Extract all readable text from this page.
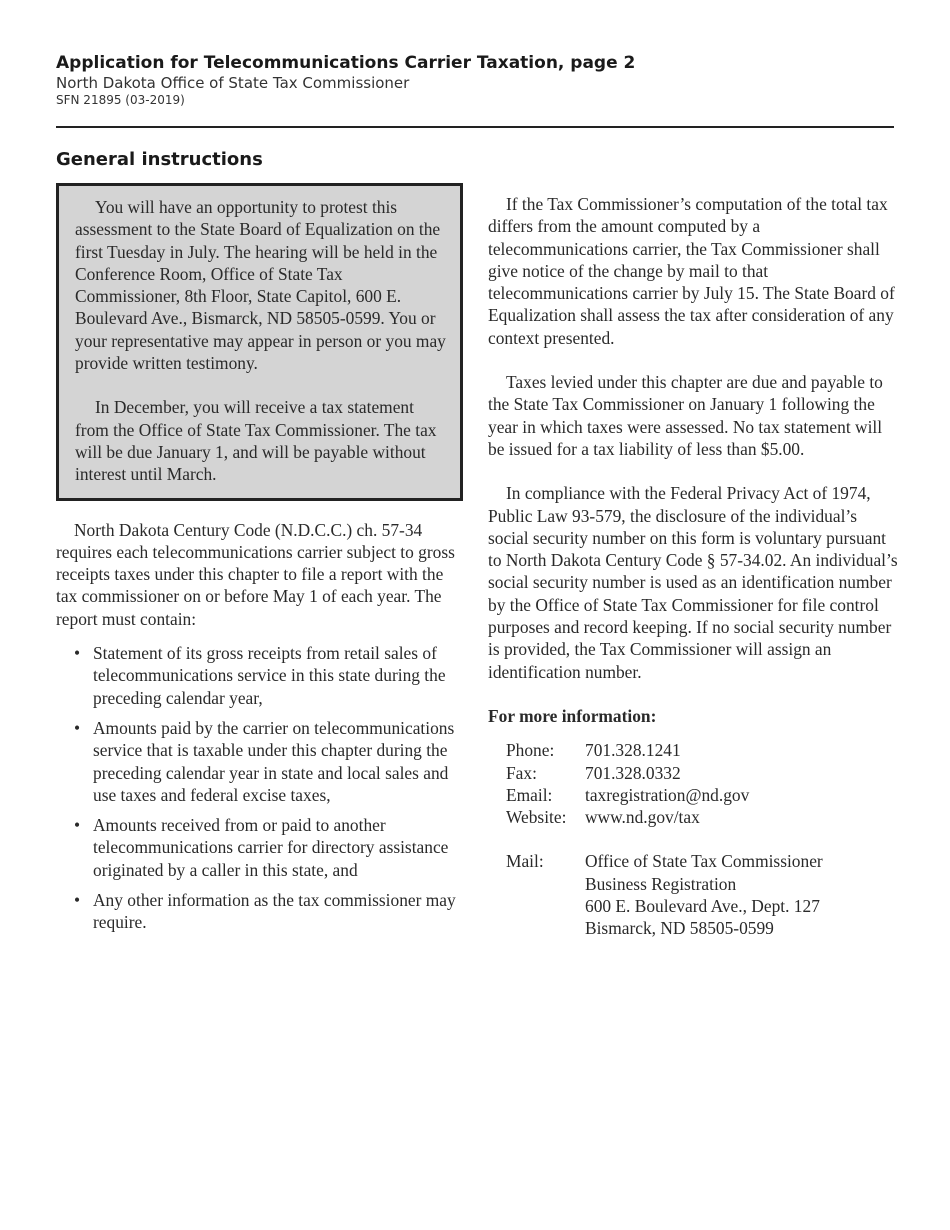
Application for Telecommunications Carrier Taxation, page 2
North Dakota Office of State Tax Commissioner
SFN 21895 (03-2019)
General instructions

You will have an opportunity to protest this assessment to the State Board of Equalization on the first Tuesday in July. The hearing will be held in the Conference Room, Office of State Tax Commissioner, 8th Floor, State Capitol, 600 E. Boulevard Ave., Bismarck, ND 58505-0599. You or your representative may appear in person or you may provide written testimony.

In December, you will receive a tax statement from the Office of State Tax Commissioner. The tax will be due January 1, and will be payable without interest until March.

North Dakota Century Code (N.D.C.C.) ch. 57-34 requires each telecommunications carrier subject to gross receipts taxes under this chapter to file a report with the tax commissioner on or before May 1 of each year. The report must contain:

• Statement of its gross receipts from retail sales of telecommunications service in this state during the preceding calendar year,
• Amounts paid by the carrier on telecommunications service that is taxable under this chapter during the preceding calendar year in state and local sales and use taxes and federal excise taxes,
• Amounts received from or paid to another telecommunications carrier for directory assistance originated by a caller in this state, and
• Any other information as the tax commissioner may require.

If the Tax Commissioner’s computation of the total tax differs from the amount computed by a telecommunications carrier, the Tax Commissioner shall give notice of the change by mail to that telecommunications carrier by July 15. The State Board of Equalization shall assess the tax after consideration of any context presented.

Taxes levied under this chapter are due and payable to the State Tax Commissioner on January 1 following the year in which taxes were assessed. No tax statement will be issued for a tax liability of less than $5.00.

In compliance with the Federal Privacy Act of 1974, Public Law 93-579, the disclosure of the individual’s social security number on this form is voluntary pursuant to North Dakota Century Code § 57-34.02. An individual’s social security number is used as an identification number by the Office of State Tax Commissioner for file control purposes and record keeping. If no social security number is provided, the Tax Commissioner will assign an identification number.

For more information:
Phone:	701.328.1241
Fax:	701.328.0332
Email:	taxregistration@nd.gov
Website:	www.nd.gov/tax
Mail:	Office of State Tax Commissioner
Business Registration
600 E. Boulevard Ave., Dept. 127
Bismarck, ND 58505-0599
